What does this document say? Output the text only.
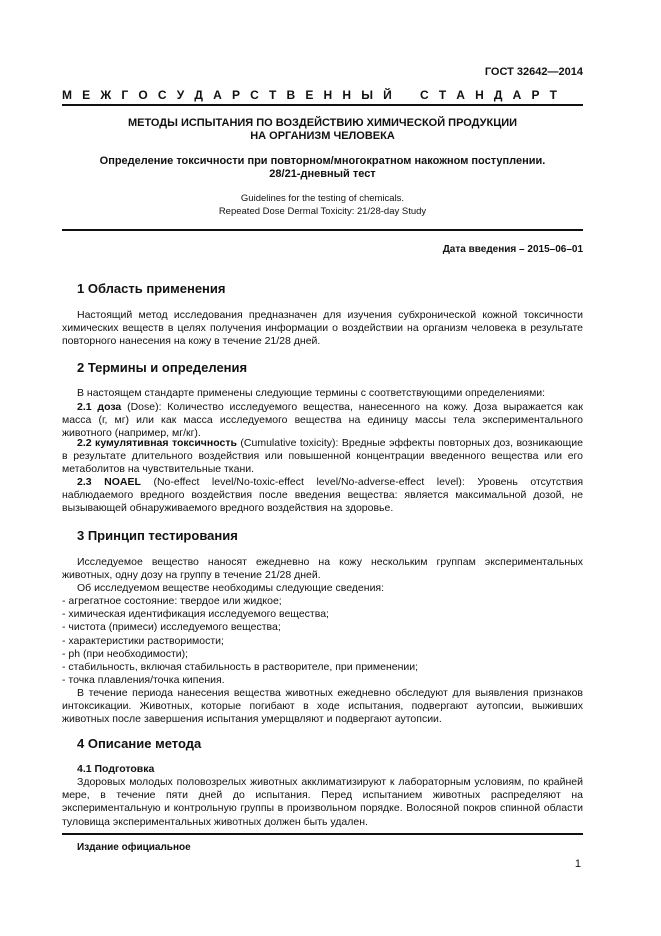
ГОСТ 32642—2014
М Е Ж Г О С У Д А Р С Т В Е Н Н Ы Й С Т А Н Д А Р Т
МЕТОДЫ ИСПЫТАНИЯ ПО ВОЗДЕЙСТВИЮ ХИМИЧЕСКОЙ ПРОДУКЦИИ
НА ОРГАНИЗМ ЧЕЛОВЕКА
Определение токсичности при повторном/многократном накожном поступлении.
28/21-дневный тест
Guidelines for the testing of chemicals.
Repeated Dose Dermal Toxicity: 21/28-day Study
Дата введения – 2015–06–01
1 Область применения

Настоящий метод исследования предназначен для изучения субхронической кожной токсичности химических веществ в целях получения информации о воздействии на организм человека в результате повторного нанесения на кожу в течение 21/28 дней.

2 Термины и определения

В настоящем стандарте применены следующие термины с соответствующими определениями:

2.1 доза (Dose): Количество исследуемого вещества, нанесенного на кожу. Доза выражается как масса (г, мг) или как масса исследуемого вещества на единицу массы тела экспериментального животного (например, мг/кг).

2.2 кумулятивная токсичность (Cumulative toxicity): Вредные эффекты повторных доз, возникающие в результате длительного воздействия или повышенной концентрации введенного вещества или его метаболитов на чувствительные ткани.

2.3 NOAEL (No-effect level/No-toxic-effect level/No-adverse-effect level): Уровень отсутствия наблюдаемого вредного воздействия после введения вещества: является максимальной дозой, не вызывающей обнаруживаемого вредного воздействия на здоровье.

3 Принцип тестирования

Исследуемое вещество наносят ежедневно на кожу нескольким группам экспериментальных животных, одну дозу на группу в течение 21/28 дней.

Об исследуемом веществе необходимы следующие сведения:

- агрегатное состояние: твердое или жидкое;
- химическая идентификация исследуемого вещества;
- чистота (примеси) исследуемого вещества;
- характеристики растворимости;
- ph (при необходимости);
- стабильность, включая стабильность в растворителе, при применении;
- точка плавления/точка кипения.

В течение периода нанесения вещества животных ежедневно обследуют для выявления признаков интоксикации. Животных, которые погибают в ходе испытания, подвергают аутопсии, выживших животных после завершения испытания умерщвляют и подвергают аутопсии.

4 Описание метода
4.1 Подготовка

Здоровых молодых половозрелых животных акклиматизируют к лабораторным условиям, по крайней мере, в течение пяти дней до испытания. Перед испытанием животных распределяют на экспериментальную и контрольную группы в произвольном порядке. Волосяной покров спинной области туловища экспериментальных животных должен быть удален.

Издание официальное
1
